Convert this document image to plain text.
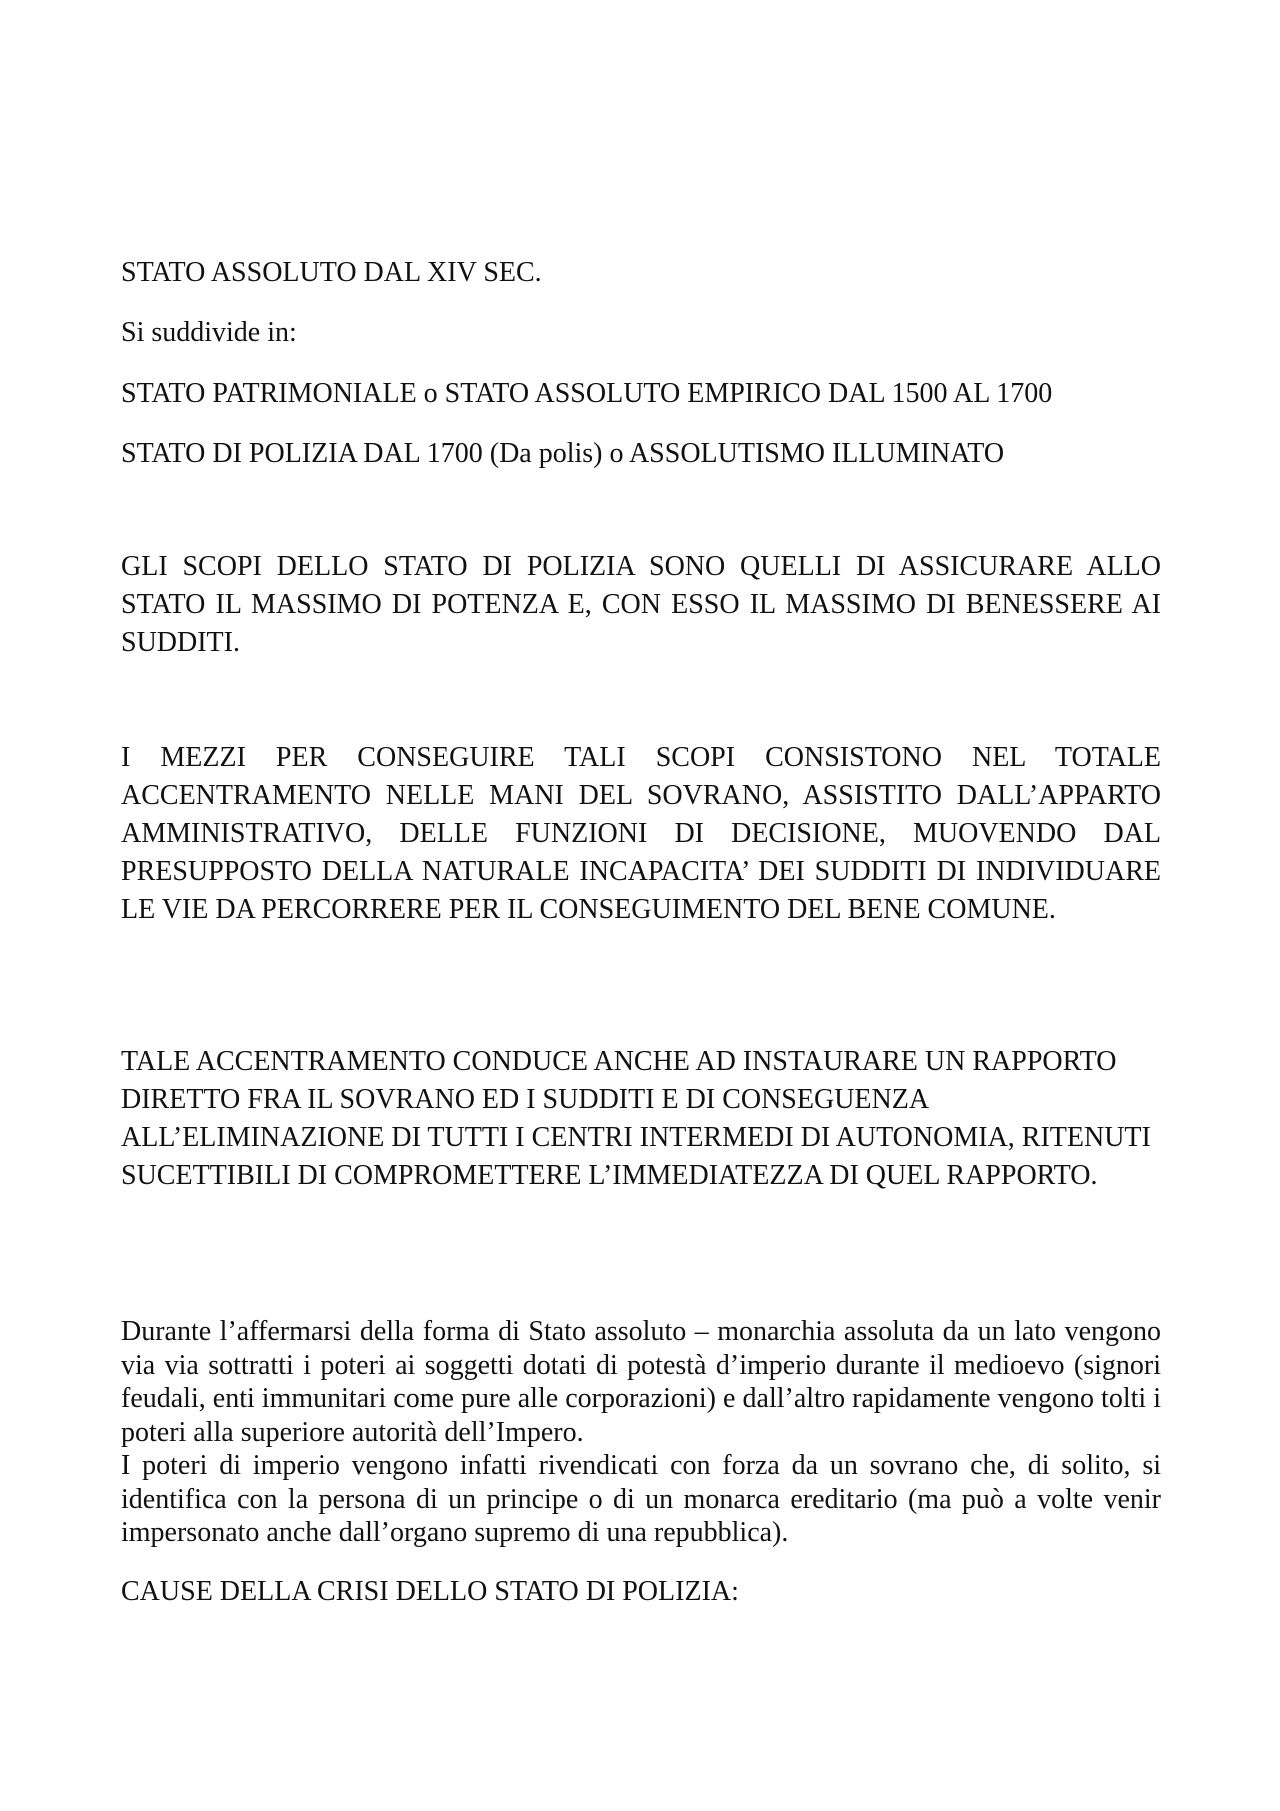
STATO ASSOLUTO DAL XIV SEC.

Si suddivide in:

STATO PATRIMONIALE o STATO ASSOLUTO EMPIRICO DAL 1500 AL 1700

STATO DI POLIZIA DAL 1700 (Da polis) o ASSOLUTISMO ILLUMINATO

GLI SCOPI DELLO STATO DI POLIZIA SONO QUELLI DI ASSICURARE ALLO STATO IL MASSIMO DI POTENZA E, CON ESSO IL MASSIMO DI BENESSERE AI SUDDITI.

I MEZZI PER CONSEGUIRE TALI SCOPI CONSISTONO NEL TOTALE ACCENTRAMENTO NELLE MANI DEL SOVRANO, ASSISTITO DALL’APPARTO AMMINISTRATIVO, DELLE FUNZIONI DI DECISIONE, MUOVENDO DAL PRESUPPOSTO DELLA NATURALE INCAPACITA’ DEI SUDDITI DI INDIVIDUARE LE VIE DA PERCORRERE PER IL CONSEGUIMENTO DEL BENE COMUNE.

TALE ACCENTRAMENTO CONDUCE ANCHE AD INSTAURARE UN RAPPORTO DIRETTO FRA IL SOVRANO ED I SUDDITI E DI CONSEGUENZA ALL’ELIMINAZIONE DI TUTTI I CENTRI INTERMEDI DI AUTONOMIA, RITENUTI SUCETTIBILI DI COMPROMETTERE L’IMMEDIATEZZA DI QUEL RAPPORTO.

Durante l’affermarsi della forma di Stato assoluto – monarchia assoluta da un lato vengono via via sottratti i poteri ai soggetti dotati di potestà d’imperio durante il medioevo (signori feudali, enti immunitari come pure alle corporazioni) e dall’altro rapidamente vengono tolti i poteri alla superiore autorità dell’Impero.

I poteri di imperio vengono infatti rivendicati con forza da un sovrano che, di solito, si identifica con la persona di un principe o di un monarca ereditario (ma può a volte venir impersonato anche dall’organo supremo di una repubblica).

CAUSE DELLA CRISI DELLO STATO DI POLIZIA:
